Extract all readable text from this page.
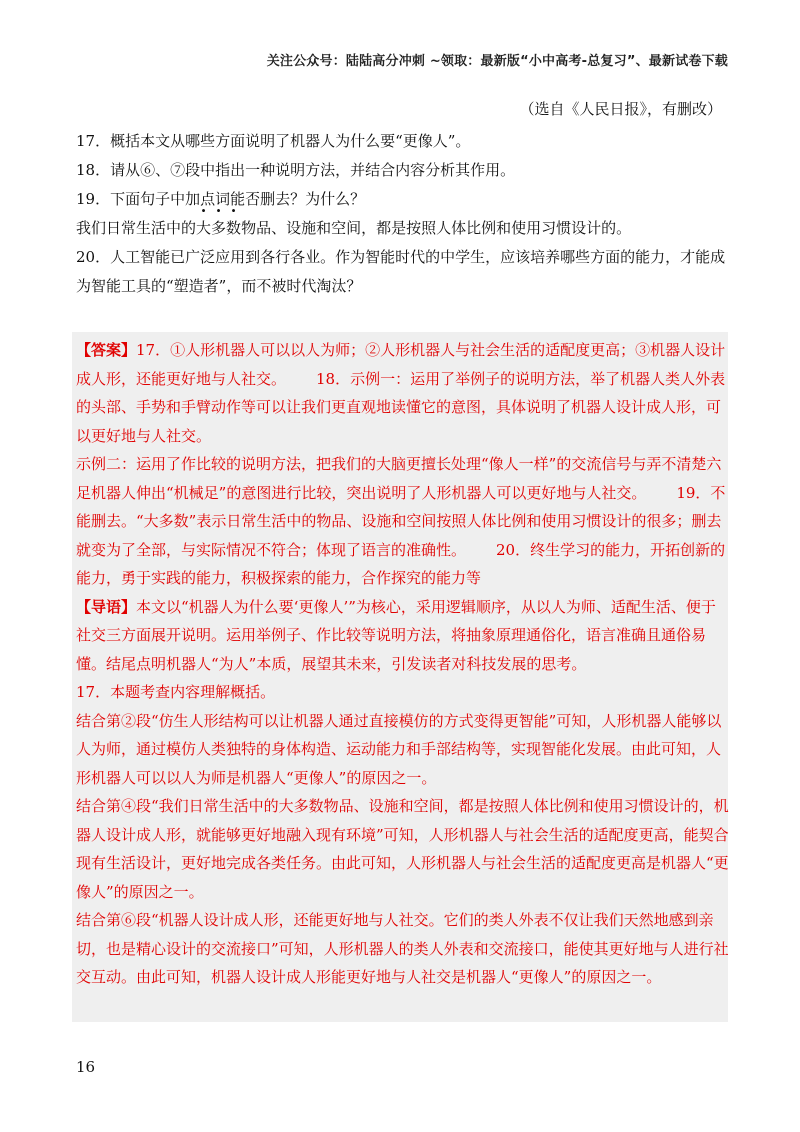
关注公众号：陆陆高分冲刺 ~领取：最新版“小中高考-总复习”、最新试卷下载
（选自《人民日报》，有删改）

17．概括本文从哪些方面说明了机器人为什么要“更像人”。

18．请从⑥、⑦段中指出一种说明方法，并结合内容分析其作用。

19．下面句子中加点词能否删去？为什么？

我们日常生活中的大多数物品、设施和空间，都是按照人体比例和使用习惯设计的。

20．人工智能已广泛应用到各行各业。作为智能时代的中学生，应该培养哪些方面的能力，才能成为智能工具的“塑造者”，而不被时代淘汰？

【答案】17．①人形机器人可以以人为师；②人形机器人与社会生活的适配度更高；③机器人设计成人形，还能更好地与人社交。 18．示例一：运用了举例子的说明方法，举了机器人类人外表的头部、手势和手臂动作等可以让我们更直观地读懂它的意图，具体说明了机器人设计成人形，可以更好地与人社交。

示例二：运用了作比较的说明方法，把我们的大脑更擅长处理“像人一样”的交流信号与弄不清楚六足机器人伸出“机械足”的意图进行比较，突出说明了人形机器人可以更好地与人社交。 19．不能删去。“大多数”表示日常生活中的物品、设施和空间按照人体比例和使用习惯设计的很多；删去就变为了全部，与实际情况不符合；体现了语言的准确性。 20．终生学习的能力，开拓创新的能力，勇于实践的能力，积极探索的能力，合作探究的能力等

【导语】本文以“机器人为什么要‘更像人’”为核心，采用逻辑顺序，从以人为师、适配生活、便于社交三方面展开说明。运用举例子、作比较等说明方法，将抽象原理通俗化，语言准确且通俗易懂。结尾点明机器人“为人”本质，展望其未来，引发读者对科技发展的思考。

17．本题考查内容理解概括。

结合第②段“仿生人形结构可以让机器人通过直接模仿的方式变得更智能”可知，人形机器人能够以人为师，通过模仿人类独特的身体构造、运动能力和手部结构等，实现智能化发展。由此可知，人形机器人可以以人为师是机器人“更像人”的原因之一。

结合第④段“我们日常生活中的大多数物品、设施和空间，都是按照人体比例和使用习惯设计的，机器人设计成人形，就能够更好地融入现有环境”可知，人形机器人与社会生活的适配度更高，能契合现有生活设计，更好地完成各类任务。由此可知，人形机器人与社会生活的适配度更高是机器人“更像人”的原因之一。

结合第⑥段“机器人设计成人形，还能更好地与人社交。它们的类人外表不仅让我们天然地感到亲切，也是精心设计的交流接口”可知，人形机器人的类人外表和交流接口，能使其更好地与人进行社交互动。由此可知，机器人设计成人形能更好地与人社交是机器人“更像人”的原因之一。

16
